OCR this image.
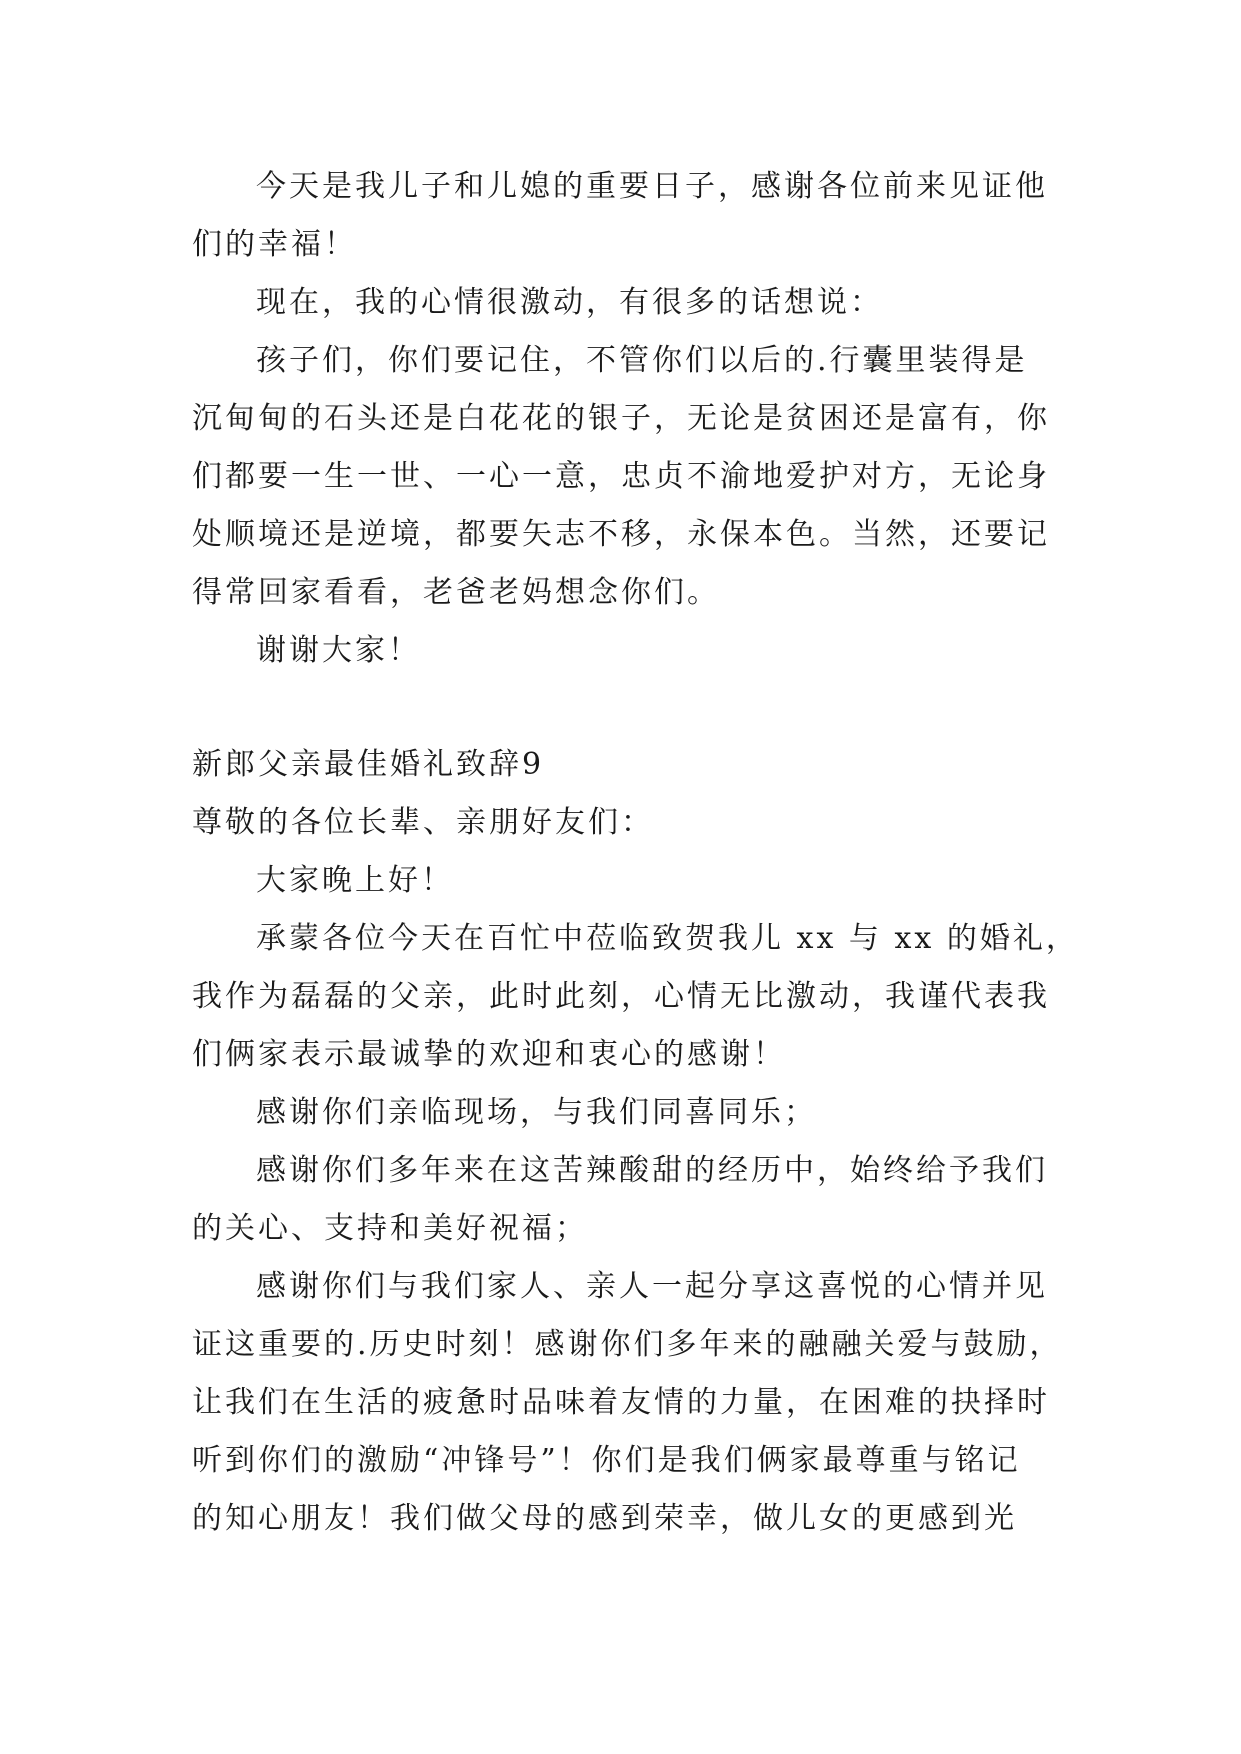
今天是我儿子和儿媳的重要日子，感谢各位前来见证他
们的幸福！
现在，我的心情很激动，有很多的话想说：
孩子们，你们要记住，不管你们以后的.行囊里装得是
沉甸甸的石头还是白花花的银子，无论是贫困还是富有，你
们都要一生一世、一心一意，忠贞不渝地爱护对方，无论身
处顺境还是逆境，都要矢志不移，永保本色。当然，还要记
得常回家看看，老爸老妈想念你们。
谢谢大家！
新郎父亲最佳婚礼致辞9
尊敬的各位长辈、亲朋好友们：
大家晚上好！
承蒙各位今天在百忙中莅临致贺我儿 xx 与 xx 的婚礼，
我作为磊磊的父亲，此时此刻，心情无比激动，我谨代表我
们俩家表示最诚挚的欢迎和衷心的感谢！
感谢你们亲临现场，与我们同喜同乐；
感谢你们多年来在这苦辣酸甜的经历中，始终给予我们
的关心、支持和美好祝福；
感谢你们与我们家人、亲人一起分享这喜悦的心情并见
证这重要的.历史时刻！感谢你们多年来的融融关爱与鼓励，
让我们在生活的疲惫时品味着友情的力量，在困难的抉择时
听到你们的激励“冲锋号”！你们是我们俩家最尊重与铭记
的知心朋友！我们做父母的感到荣幸，做儿女的更感到光
